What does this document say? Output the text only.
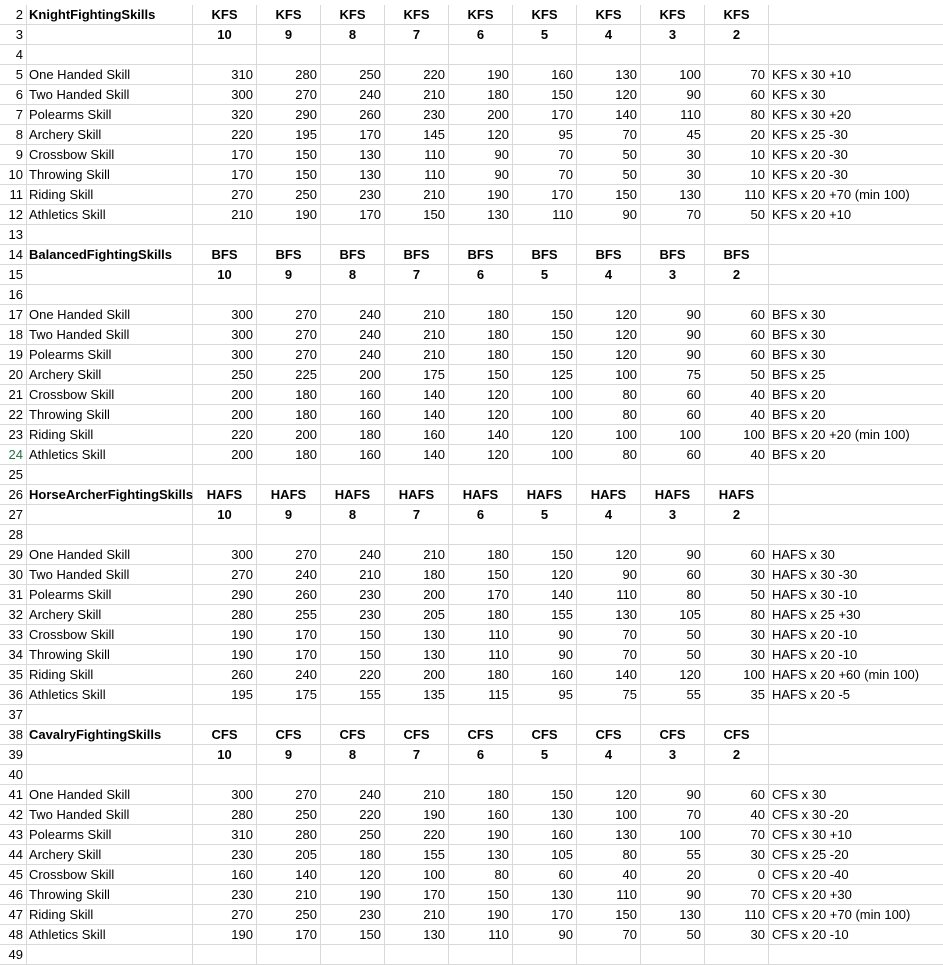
2 KnightFightingSkills	KFS	KFS	KFS	KFS	KFS	KFS	KFS	KFS	KFS
3	10	9	8	7	6	5	4	3	2
4
5 One Handed Skill	310	280	250	220	190	160	130	100	70 KFS x 30 +10
6 Two Handed Skill	300	270	240	210	180	150	120	90	60 KFS x 30
7 Polearms Skill	320	290	260	230	200	170	140	110	80 KFS x 30 +20
8 Archery Skill	220	195	170	145	120	95	70	45	20 KFS x 25 -30
9 Crossbow Skill	170	150	130	110	90	70	50	30	10 KFS x 20 -30
10 Throwing Skill	170	150	130	110	90	70	50	30	10 KFS x 20 -30
11 Riding Skill	270	250	230	210	190	170	150	130	110 KFS x 20 +70 (min 100)
12 Athletics Skill	210	190	170	150	130	110	90	70	50 KFS x 20 +10
13
14 BalancedFightingSkills	BFS	BFS	BFS	BFS	BFS	BFS	BFS	BFS	BFS
15	10	9	8	7	6	5	4	3	2
16
17 One Handed Skill	300	270	240	210	180	150	120	90	60 BFS x 30
18 Two Handed Skill	300	270	240	210	180	150	120	90	60 BFS x 30
19 Polearms Skill	300	270	240	210	180	150	120	90	60 BFS x 30
20 Archery Skill	250	225	200	175	150	125	100	75	50 BFS x 25
21 Crossbow Skill	200	180	160	140	120	100	80	60	40 BFS x 20
22 Throwing Skill	200	180	160	140	120	100	80	60	40 BFS x 20
23 Riding Skill	220	200	180	160	140	120	100	100	100 BFS x 20 +20 (min 100)
24 Athletics Skill	200	180	160	140	120	100	80	60	40 BFS x 20
25
26 HorseArcherFightingSkills	HAFS	HAFS	HAFS	HAFS	HAFS	HAFS	HAFS	HAFS	HAFS
27	10	9	8	7	6	5	4	3	2
28
29 One Handed Skill	300	270	240	210	180	150	120	90	60 HAFS x 30
30 Two Handed Skill	270	240	210	180	150	120	90	60	30 HAFS x 30 -30
31 Polearms Skill	290	260	230	200	170	140	110	80	50 HAFS x 30 -10
32 Archery Skill	280	255	230	205	180	155	130	105	80 HAFS x 25 +30
33 Crossbow Skill	190	170	150	130	110	90	70	50	30 HAFS x 20 -10
34 Throwing Skill	190	170	150	130	110	90	70	50	30 HAFS x 20 -10
35 Riding Skill	260	240	220	200	180	160	140	120	100 HAFS x 20 +60 (min 100)
36 Athletics Skill	195	175	155	135	115	95	75	55	35 HAFS x 20 -5
37
38 CavalryFightingSkills	CFS	CFS	CFS	CFS	CFS	CFS	CFS	CFS	CFS
39	10	9	8	7	6	5	4	3	2
40
41 One Handed Skill	300	270	240	210	180	150	120	90	60 CFS x 30
42 Two Handed Skill	280	250	220	190	160	130	100	70	40 CFS x 30 -20
43 Polearms Skill	310	280	250	220	190	160	130	100	70 CFS x 30 +10
44 Archery Skill	230	205	180	155	130	105	80	55	30 CFS x 25 -20
45 Crossbow Skill	160	140	120	100	80	60	40	20	0 CFS x 20 -40
46 Throwing Skill	230	210	190	170	150	130	110	90	70 CFS x 20 +30
47 Riding Skill	270	250	230	210	190	170	150	130	110 CFS x 20 +70 (min 100)
48 Athletics Skill	190	170	150	130	110	90	70	50	30 CFS x 20 -10
49
